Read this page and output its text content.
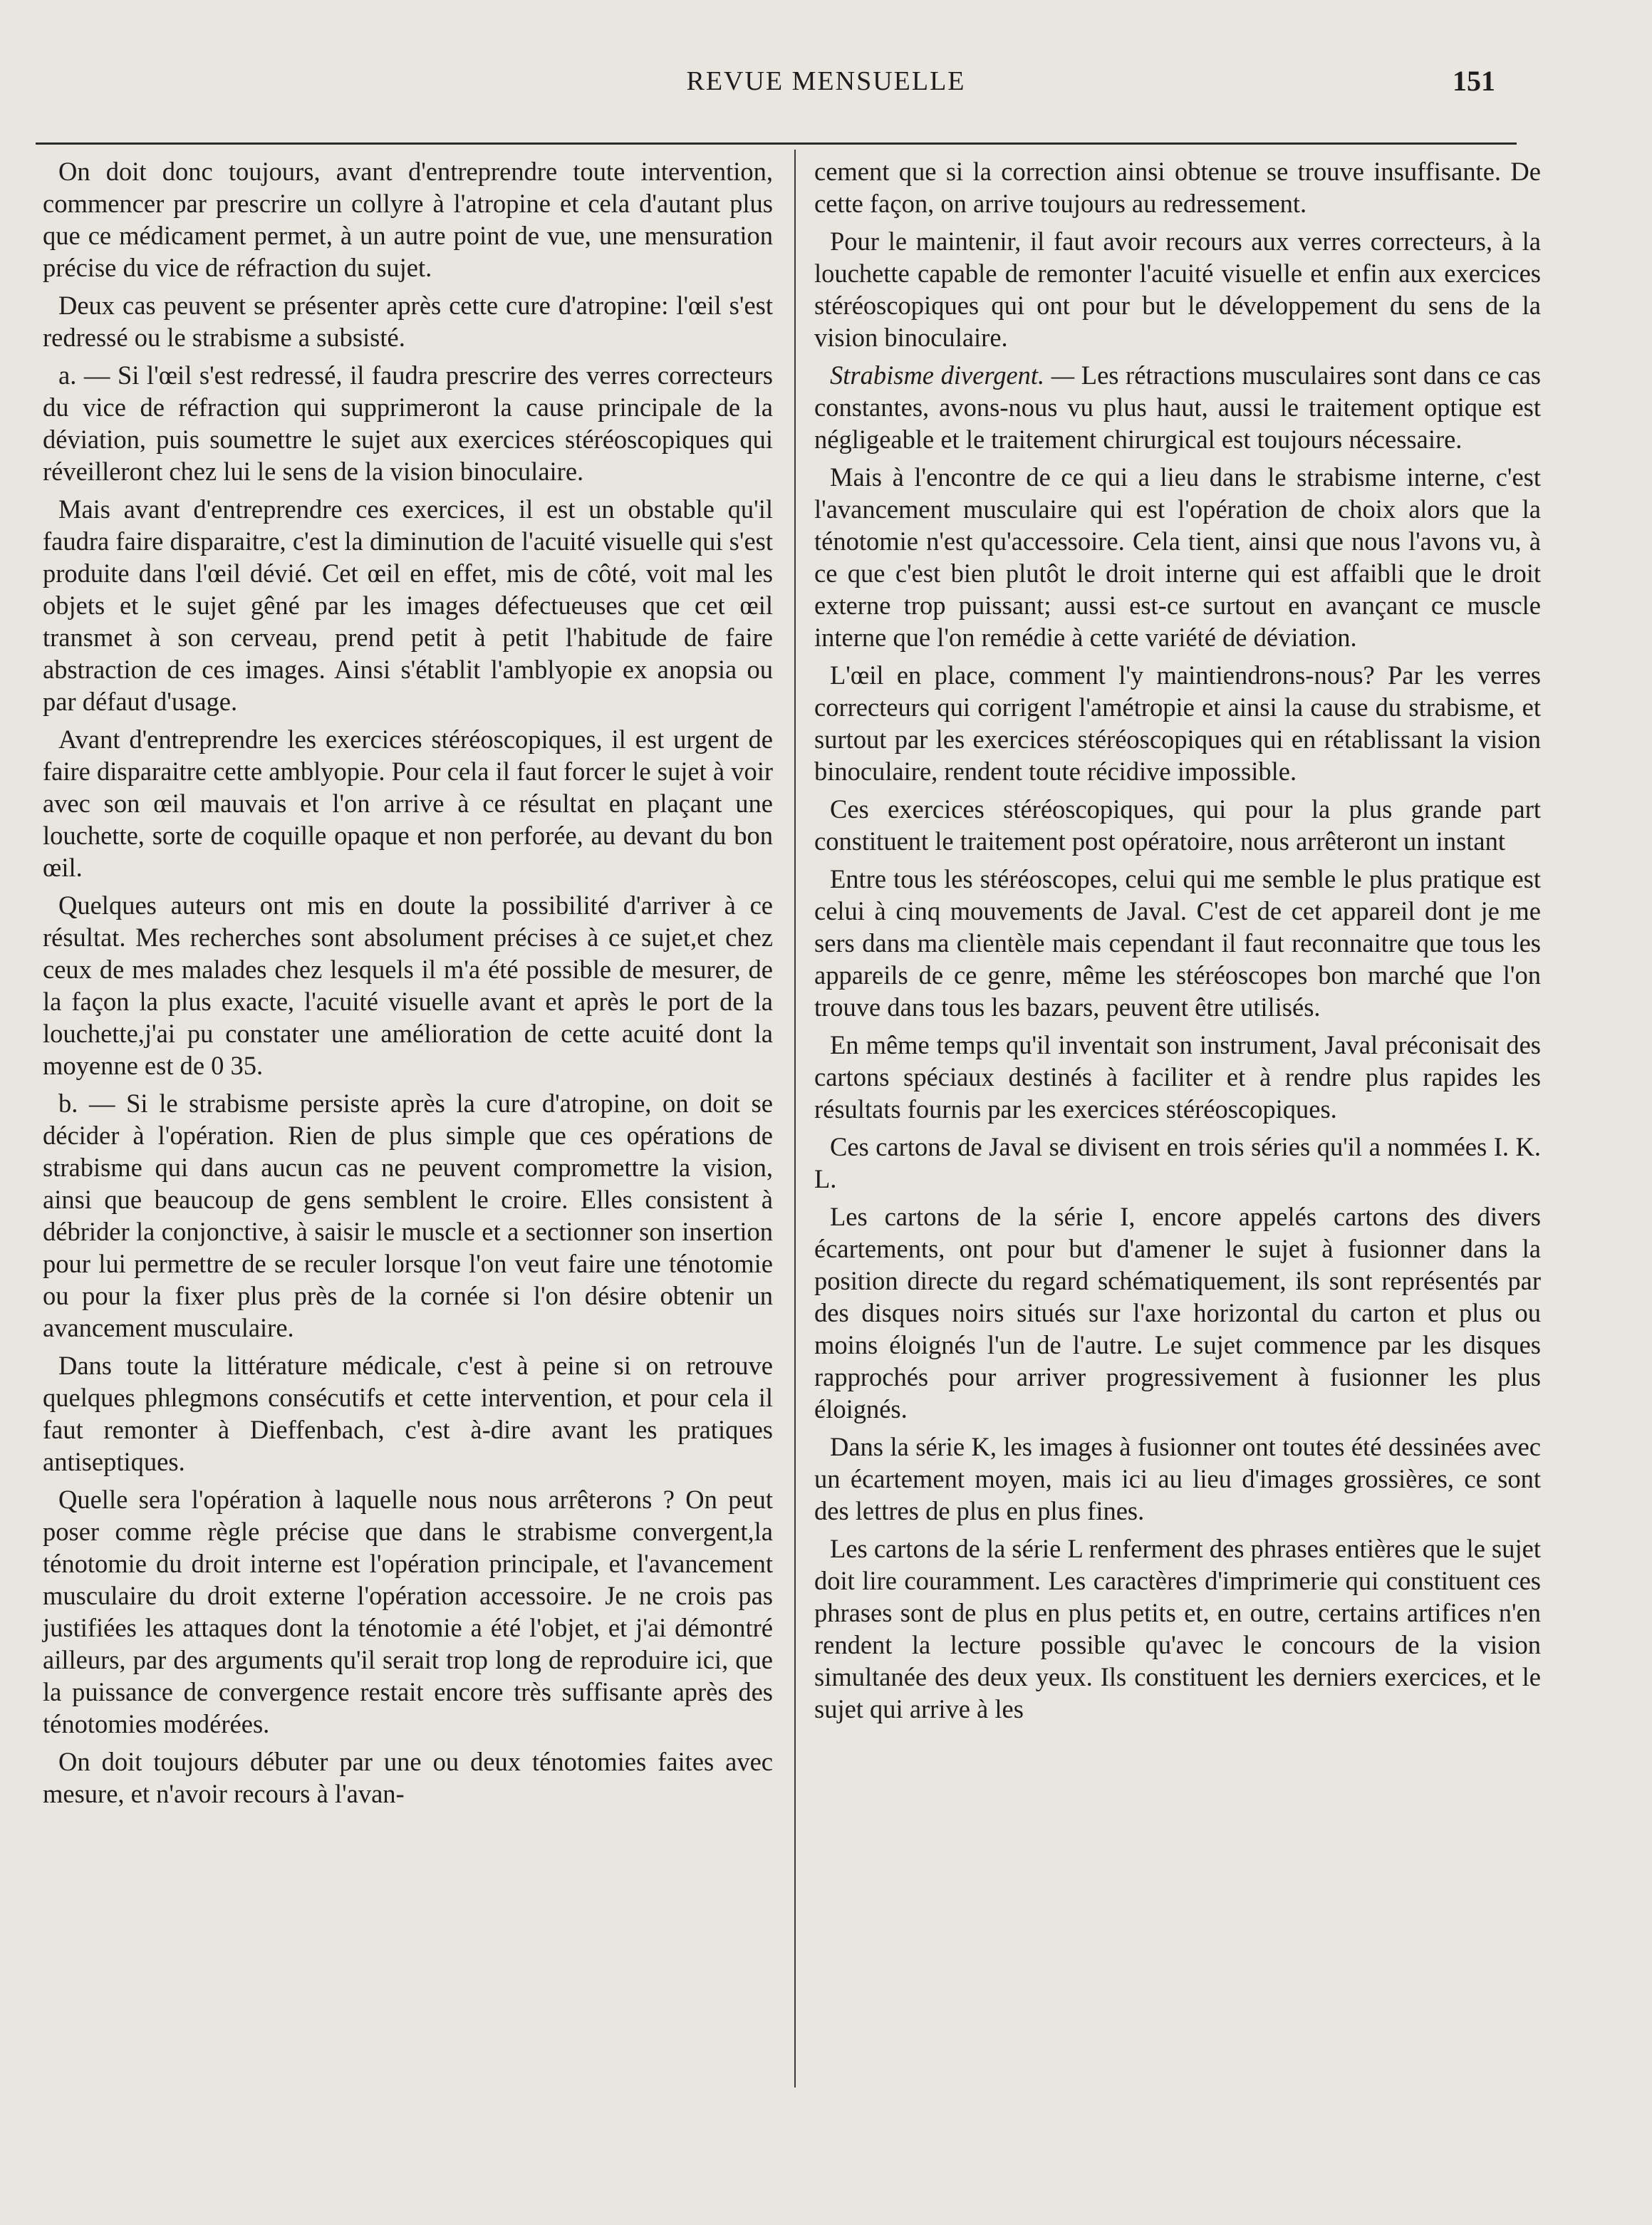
REVUE MENSUELLE	151

On doit donc toujours, avant d'entreprendre toute intervention, commencer par prescrire un collyre à l'atropine et cela d'autant plus que ce médicament permet, à un autre point de vue, une mensuration précise du vice de réfraction du sujet.

Deux cas peuvent se présenter après cette cure d'atropine: l'œil s'est redressé ou le strabisme a subsisté.

a. — Si l'œil s'est redressé, il faudra prescrire des verres correcteurs du vice de réfraction qui supprimeront la cause principale de la déviation, puis soumettre le sujet aux exercices stéréoscopiques qui réveilleront chez lui le sens de la vision binoculaire.

Mais avant d'entreprendre ces exercices, il est un obstable qu'il faudra faire disparaitre, c'est la diminution de l'acuité visuelle qui s'est produite dans l'œil dévié. Cet œil en effet, mis de côté, voit mal les objets et le sujet gêné par les images défectueuses que cet œil transmet à son cerveau, prend petit à petit l'habitude de faire abstraction de ces images. Ainsi s'établit l'amblyopie ex anopsia ou par défaut d'usage.

Avant d'entreprendre les exercices stéréoscopiques, il est urgent de faire disparaitre cette amblyopie. Pour cela il faut forcer le sujet à voir avec son œil mauvais et l'on arrive à ce résultat en plaçant une louchette, sorte de coquille opaque et non perforée, au devant du bon œil.

Quelques auteurs ont mis en doute la possibilité d'arriver à ce résultat. Mes recherches sont absolument précises à ce sujet,et chez ceux de mes malades chez lesquels il m'a été possible de mesurer, de la façon la plus exacte, l'acuité visuelle avant et après le port de la louchette,j'ai pu constater une amélioration de cette acuité dont la moyenne est de 0 35.

b. — Si le strabisme persiste après la cure d'atropine, on doit se décider à l'opération. Rien de plus simple que ces opérations de strabisme qui dans aucun cas ne peuvent compromettre la vision, ainsi que beaucoup de gens semblent le croire. Elles consistent à débrider la conjonctive, à saisir le muscle et a sectionner son insertion pour lui permettre de se reculer lorsque l'on veut faire une ténotomie ou pour la fixer plus près de la cornée si l'on désire obtenir un avancement musculaire.

Dans toute la littérature médicale, c'est à peine si on retrouve quelques phlegmons consécutifs et cette intervention, et pour cela il faut remonter à Dieffenbach, c'est à-dire avant les pratiques antiseptiques.

Quelle sera l'opération à laquelle nous nous arrêterons ? On peut poser comme règle précise que dans le strabisme convergent,la ténotomie du droit interne est l'opération principale, et l'avancement musculaire du droit externe l'opération accessoire. Je ne crois pas justifiées les attaques dont la ténotomie a été l'objet, et j'ai démontré ailleurs, par des arguments qu'il serait trop long de reproduire ici, que la puissance de convergence restait encore très suffisante après des ténotomies modérées.

On doit toujours débuter par une ou deux ténotomies faites avec mesure, et n'avoir recours à l'avan-

cement que si la correction ainsi obtenue se trouve insuffisante. De cette façon, on arrive toujours au redressement.

Pour le maintenir, il faut avoir recours aux verres correcteurs, à la louchette capable de remonter l'acuité visuelle et enfin aux exercices stéréoscopiques qui ont pour but le développement du sens de la vision binoculaire.

Strabisme divergent. — Les rétractions musculaires sont dans ce cas constantes, avons-nous vu plus haut, aussi le traitement optique est négligeable et le traitement chirurgical est toujours nécessaire.

Mais à l'encontre de ce qui a lieu dans le strabisme interne, c'est l'avancement musculaire qui est l'opération de choix alors que la ténotomie n'est qu'accessoire. Cela tient, ainsi que nous l'avons vu, à ce que c'est bien plutôt le droit interne qui est affaibli que le droit externe trop puissant; aussi est-ce surtout en avançant ce muscle interne que l'on remédie à cette variété de déviation.

L'œil en place, comment l'y maintiendrons-nous? Par les verres correcteurs qui corrigent l'amétropie et ainsi la cause du strabisme, et surtout par les exercices stéréoscopiques qui en rétablissant la vision binoculaire, rendent toute récidive impossible.

Ces exercices stéréoscopiques, qui pour la plus grande part constituent le traitement post opératoire, nous arrêteront un instant

Entre tous les stéréoscopes, celui qui me semble le plus pratique est celui à cinq mouvements de Javal. C'est de cet appareil dont je me sers dans ma clientèle mais cependant il faut reconnaitre que tous les appareils de ce genre, même les stéréoscopes bon marché que l'on trouve dans tous les bazars, peuvent être utilisés.

En même temps qu'il inventait son instrument, Javal préconisait des cartons spéciaux destinés à faciliter et à rendre plus rapides les résultats fournis par les exercices stéréoscopiques.

Ces cartons de Javal se divisent en trois séries qu'il a nommées I. K. L.

Les cartons de la série I, encore appelés cartons des divers écartements, ont pour but d'amener le sujet à fusionner dans la position directe du regard schématiquement, ils sont représentés par des disques noirs situés sur l'axe horizontal du carton et plus ou moins éloignés l'un de l'autre. Le sujet commence par les disques rapprochés pour arriver progressivement à fusionner les plus éloignés.

Dans la série K, les images à fusionner ont toutes été dessinées avec un écartement moyen, mais ici au lieu d'images grossières, ce sont des lettres de plus en plus fines.

Les cartons de la série L renferment des phrases entières que le sujet doit lire couramment. Les caractères d'imprimerie qui constituent ces phrases sont de plus en plus petits et, en outre, certains artifices n'en rendent la lecture possible qu'avec le concours de la vision simultanée des deux yeux. Ils constituent les derniers exercices, et le sujet qui arrive à les
